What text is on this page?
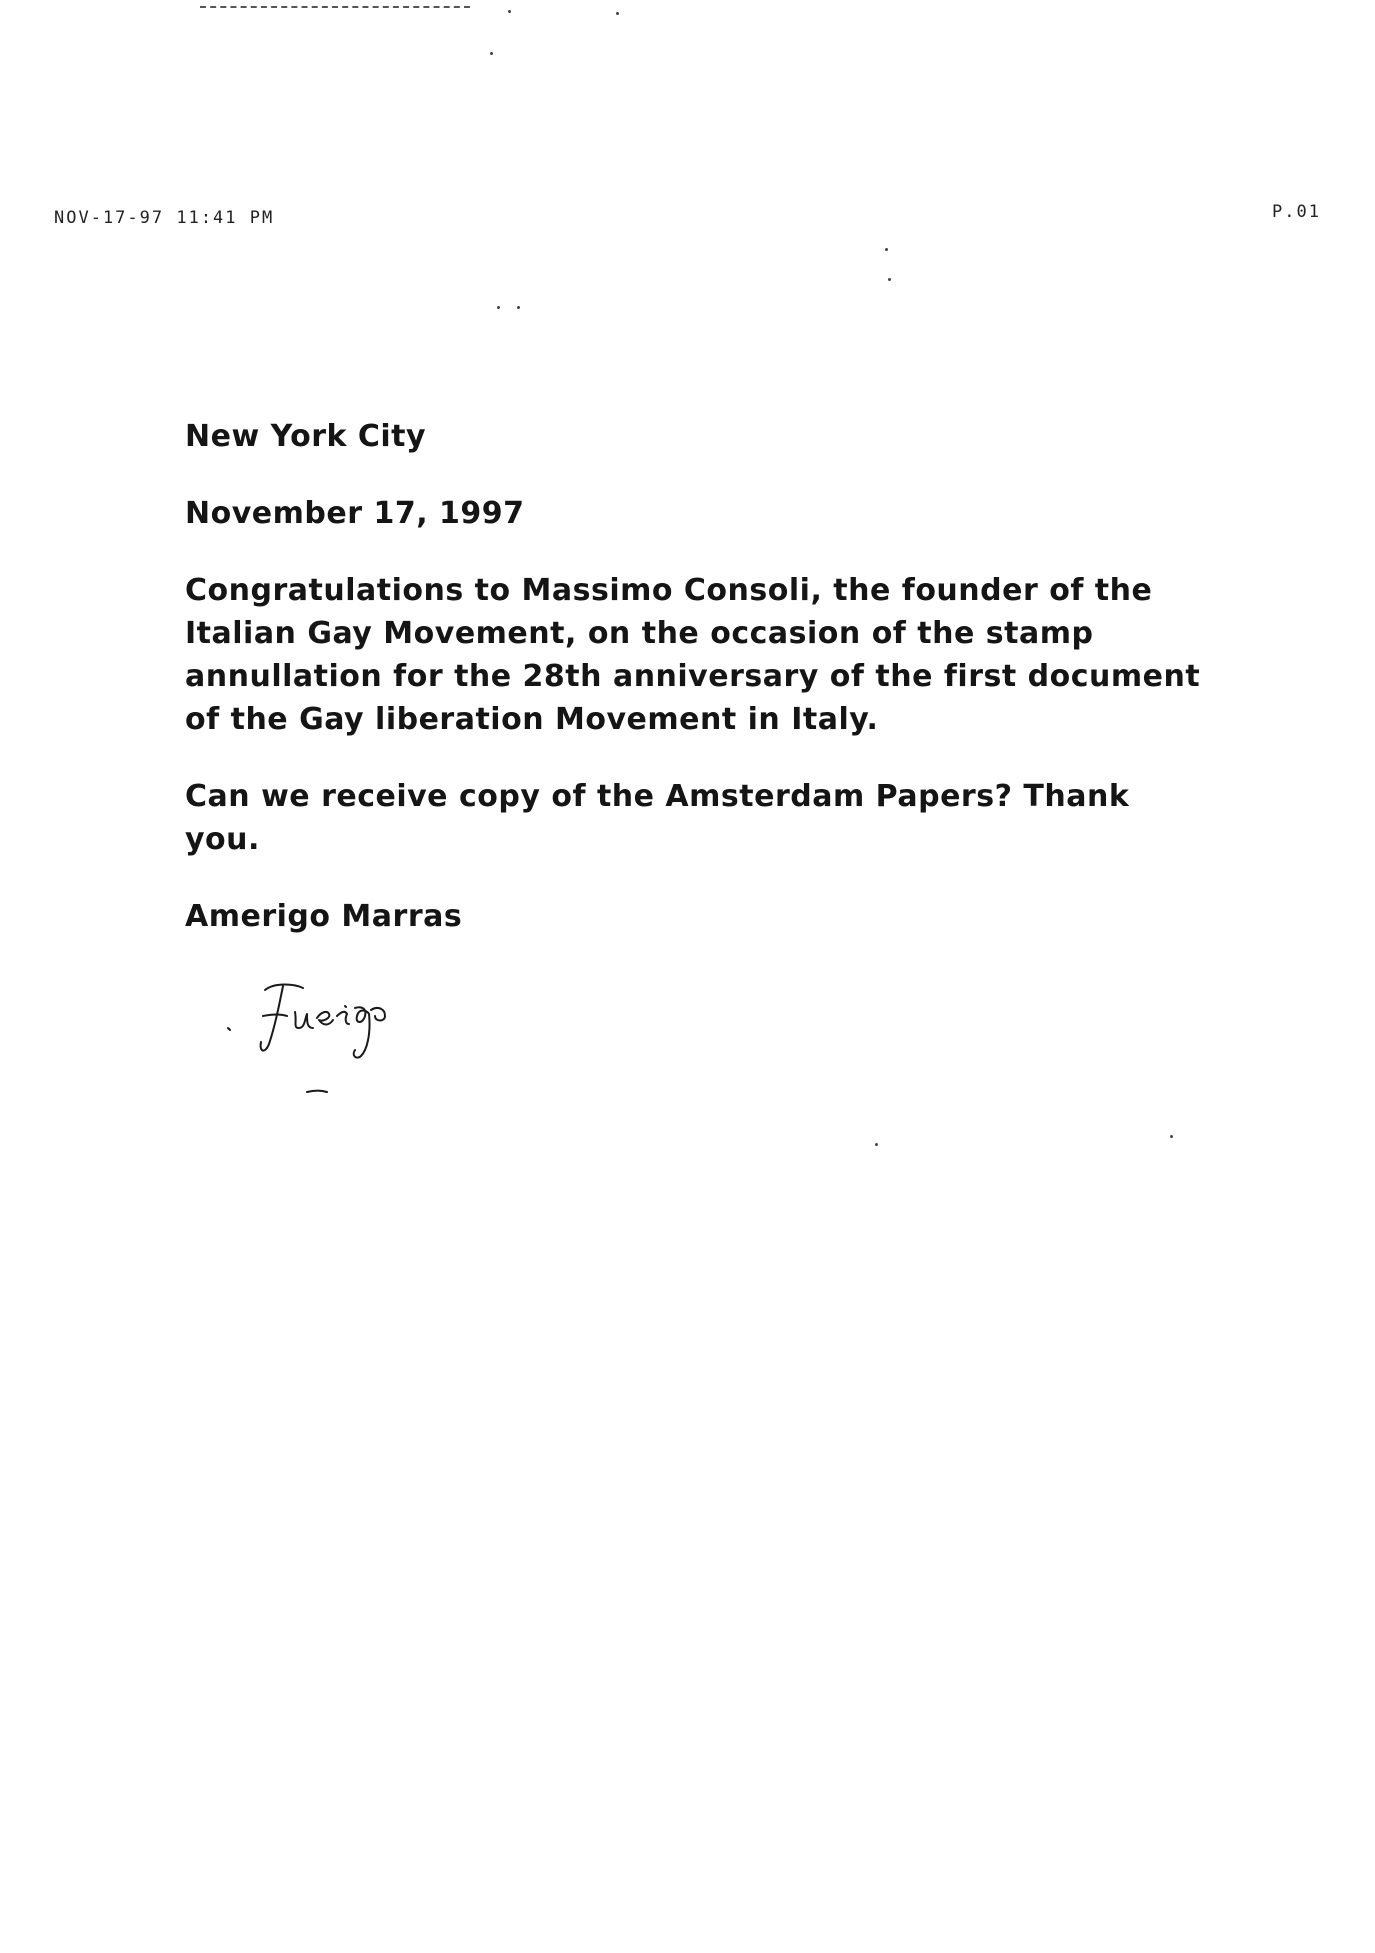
NOV-17-97 11:41 PM	P.01

New York City

November 17, 1997

Congratulations to Massimo Consoli, the founder of the Italian Gay Movement, on the occasion of the stamp annullation for the 28th anniversary of the first document of the Gay liberation Movement in Italy.

Can we receive copy of the Amsterdam Papers? Thank you.

Amerigo Marras
